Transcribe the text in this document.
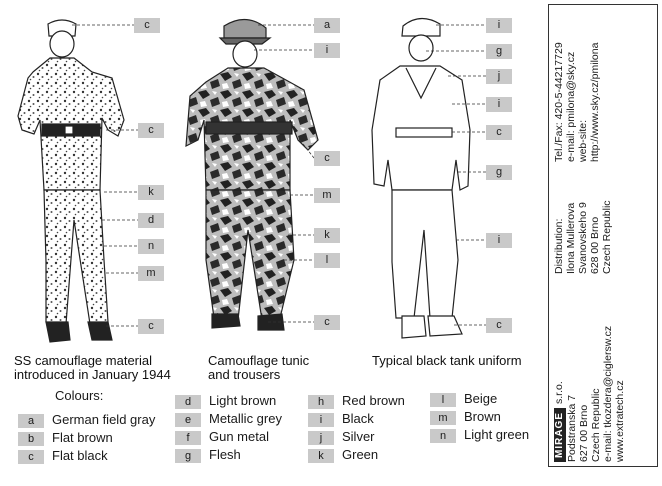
c
c
k
d
n
m
c
a
i
c
m
k
l
c
i
g
j
i
c
g
i
c
SS camouflage material
introduced in January 1944
Camouflage tunic
and trousers
Typical black tank uniform
Colours:
a German field gray
b Flat brown
c Flat black
d Light brown
e Metallic grey
f Gun metal
g Flesh
h Red brown
i Black
j Silver
k Green
l Beige
m Brown
n Light green MIRAGEs.r.o.
Podstranska 7 627 00 Brno Czech Republic e-mail: tkozdera@ciglersw.cz www.extratech.cz
Distribution: Ilona Mullerova Svanovskeho 9 628 00 Brno Czech Republic
Tel./Fax: 420-5-44217729 e-mail: pmilona@sky.cz web-site: http://www.sky.cz/pmilona
